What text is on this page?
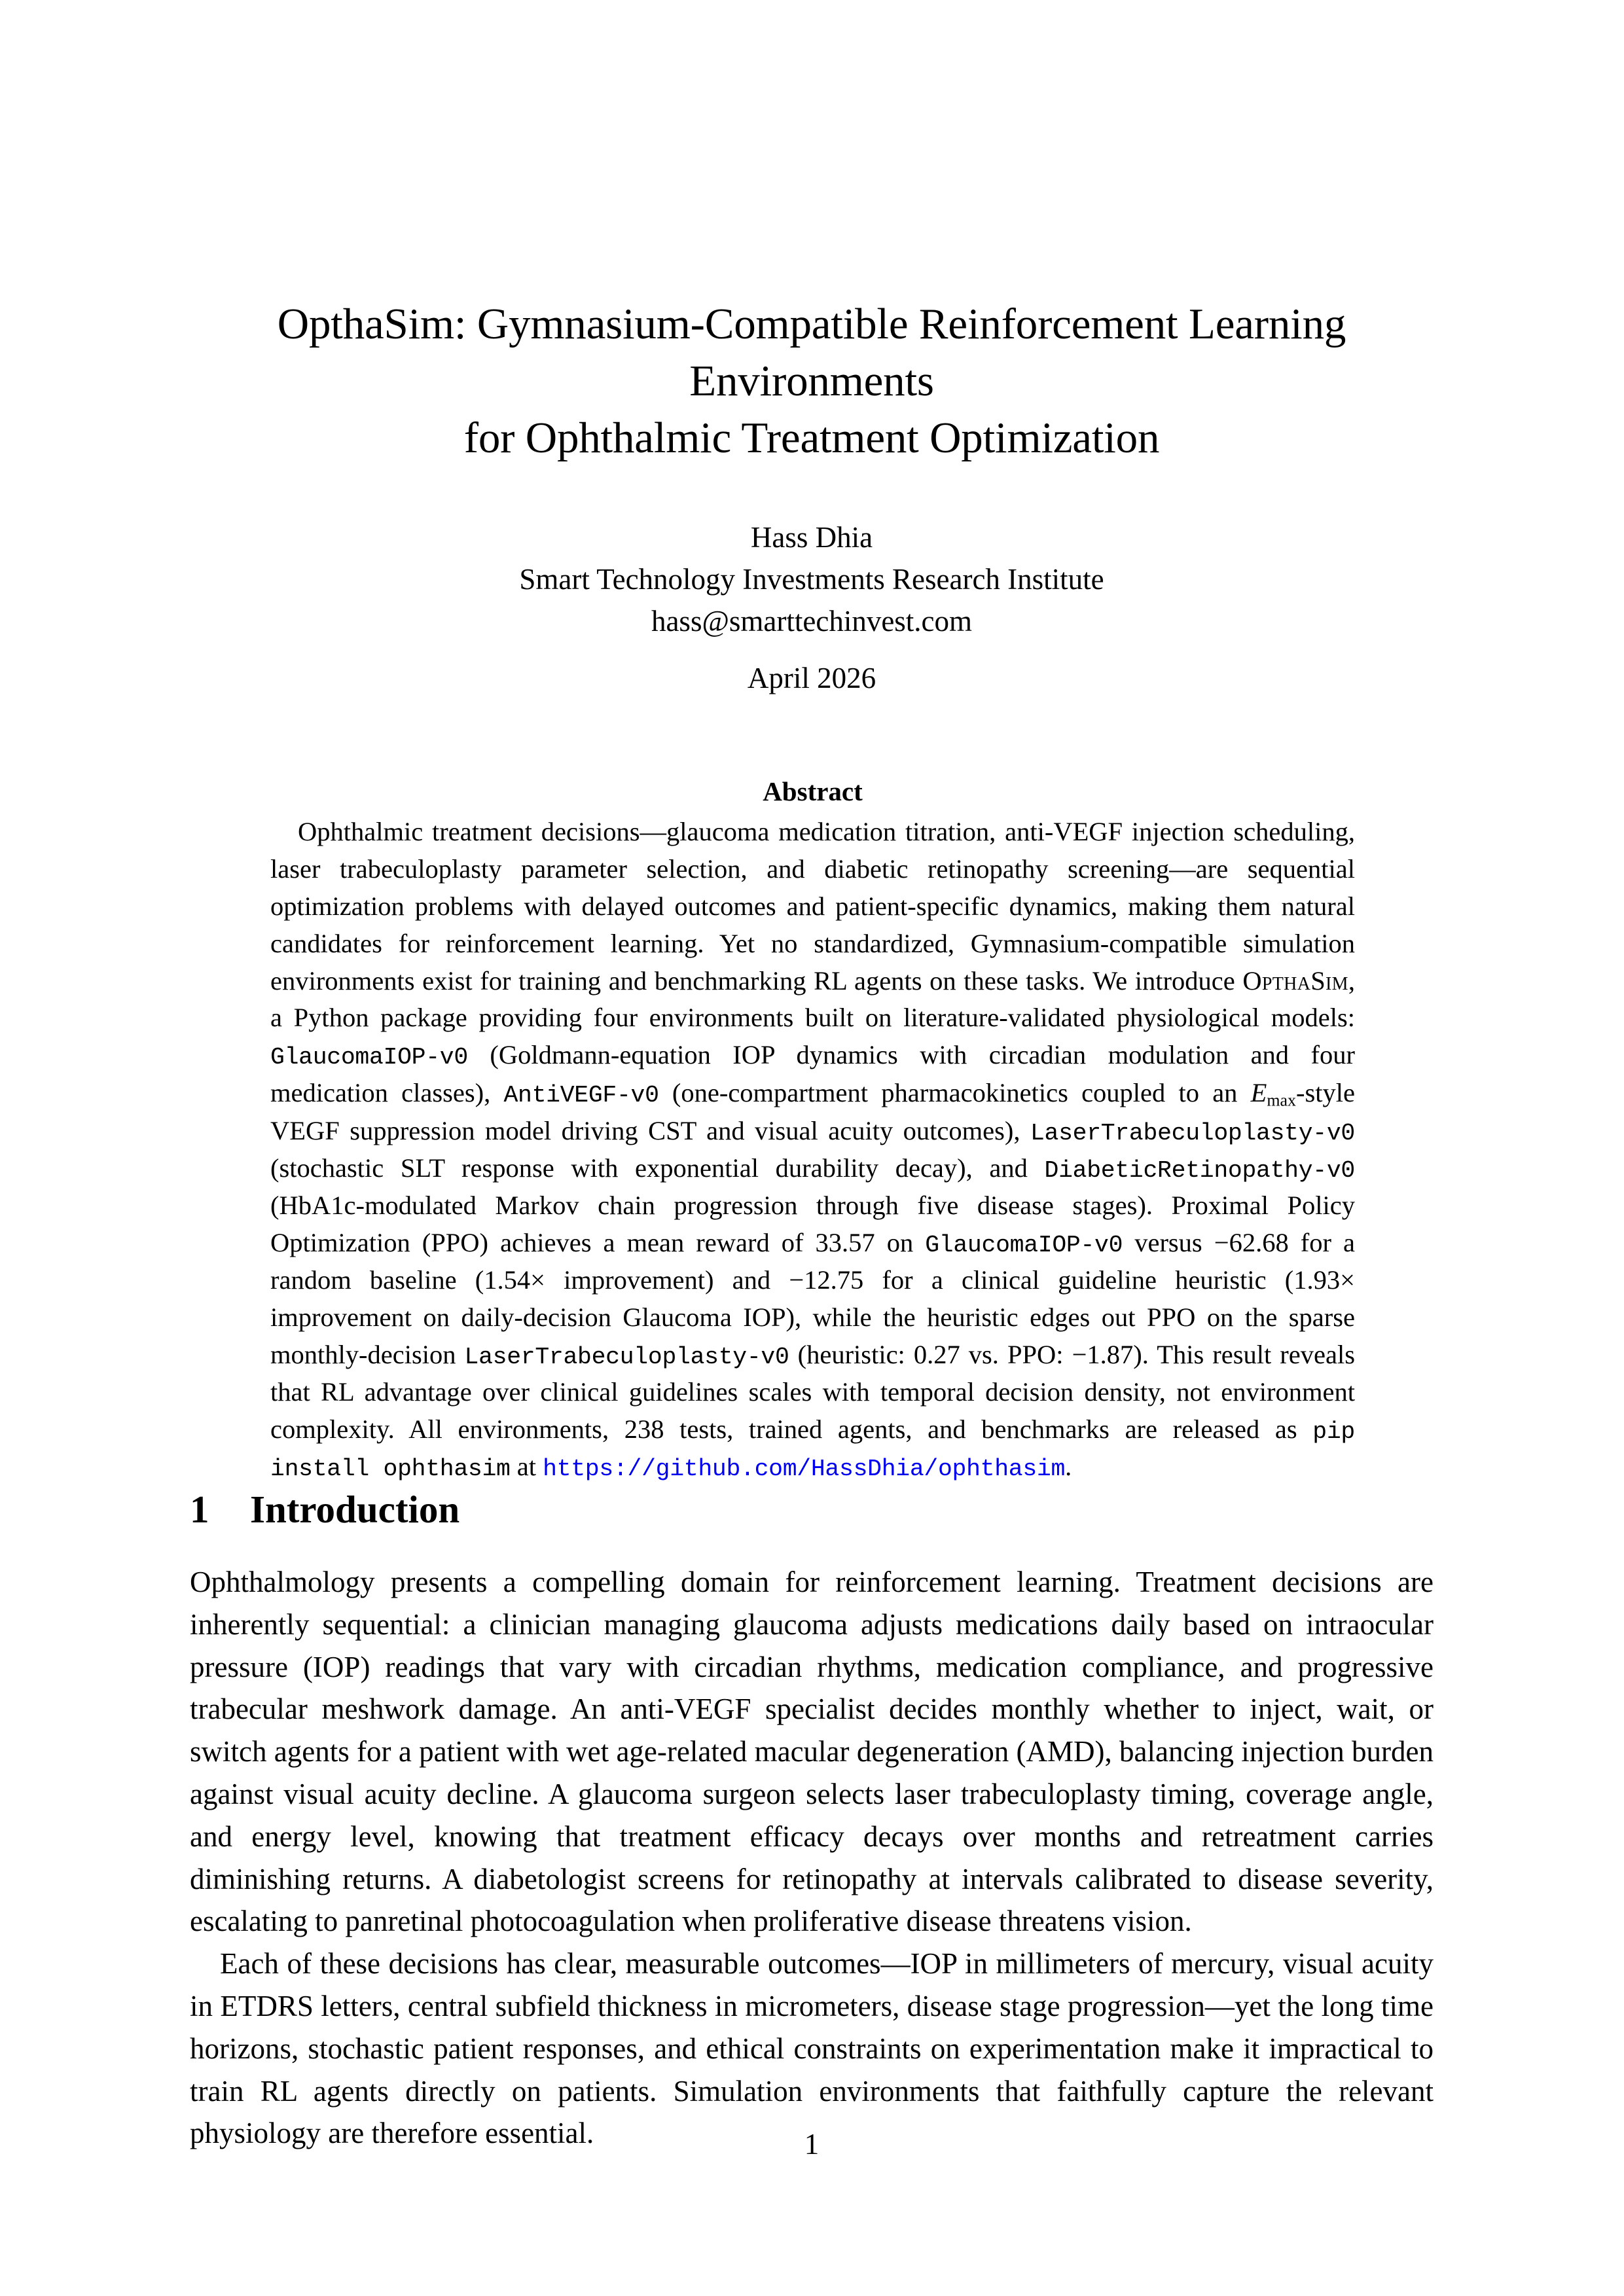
OpthaSim: Gymnasium-Compatible Reinforcement Learning
Environments
for Ophthalmic Treatment Optimization
Hass Dhia
Smart Technology Investments Research Institute
hass@smarttechinvest.com
April 2026
Abstract

Ophthalmic treatment decisions—glaucoma medication titration, anti-VEGF injection scheduling, laser trabeculoplasty parameter selection, and diabetic retinopathy screening—are sequential optimization problems with delayed outcomes and patient-specific dynamics, making them natural candidates for reinforcement learning. Yet no standardized, Gymnasium-compatible simulation environments exist for training and benchmarking RL agents on these tasks. We introduce OpthaSim, a Python package providing four environments built on literature-validated physiological models: GlaucomaIOP-v0 (Goldmann-equation IOP dynamics with circadian modulation and four medication classes), AntiVEGF-v0 (one-compartment pharmacokinetics coupled to an $E_{max}$-style VEGF suppression model driving CST and visual acuity outcomes), LaserTrabeculoplasty-v0 (stochastic SLT response with exponential durability decay), and DiabeticRetinopathy-v0 (HbA1c-modulated Markov chain progression through five disease stages). Proximal Policy Optimization (PPO) achieves a mean reward of 33.57 on GlaucomaIOP-v0 versus −62.68 for a random baseline (1.54× improvement) and −12.75 for a clinical guideline heuristic (1.93× improvement on daily-decision Glaucoma IOP), while the heuristic edges out PPO on the sparse monthly-decision LaserTrabeculoplasty-v0 (heuristic: 0.27 vs. PPO: −1.87). This result reveals that RL advantage over clinical guidelines scales with temporal decision density, not environment complexity. All environments, 238 tests, trained agents, and benchmarks are released as pip install ophthasim at https://github.com/HassDhia/ophthasim.

1 Introduction

Ophthalmology presents a compelling domain for reinforcement learning. Treatment decisions are inherently sequential: a clinician managing glaucoma adjusts medications daily based on intraocular pressure (IOP) readings that vary with circadian rhythms, medication compliance, and progressive trabecular meshwork damage. An anti-VEGF specialist decides monthly whether to inject, wait, or switch agents for a patient with wet age-related macular degeneration (AMD), balancing injection burden against visual acuity decline. A glaucoma surgeon selects laser trabeculoplasty timing, coverage angle, and energy level, knowing that treatment efficacy decays over months and retreatment carries diminishing returns. A diabetologist screens for retinopathy at intervals calibrated to disease severity, escalating to panretinal photocoagulation when proliferative disease threatens vision.

Each of these decisions has clear, measurable outcomes—IOP in millimeters of mercury, visual acuity in ETDRS letters, central subfield thickness in micrometers, disease stage progression—yet the long time horizons, stochastic patient responses, and ethical constraints on experimentation make it impractical to train RL agents directly on patients. Simulation environments that faithfully capture the relevant physiology are therefore essential.	1
